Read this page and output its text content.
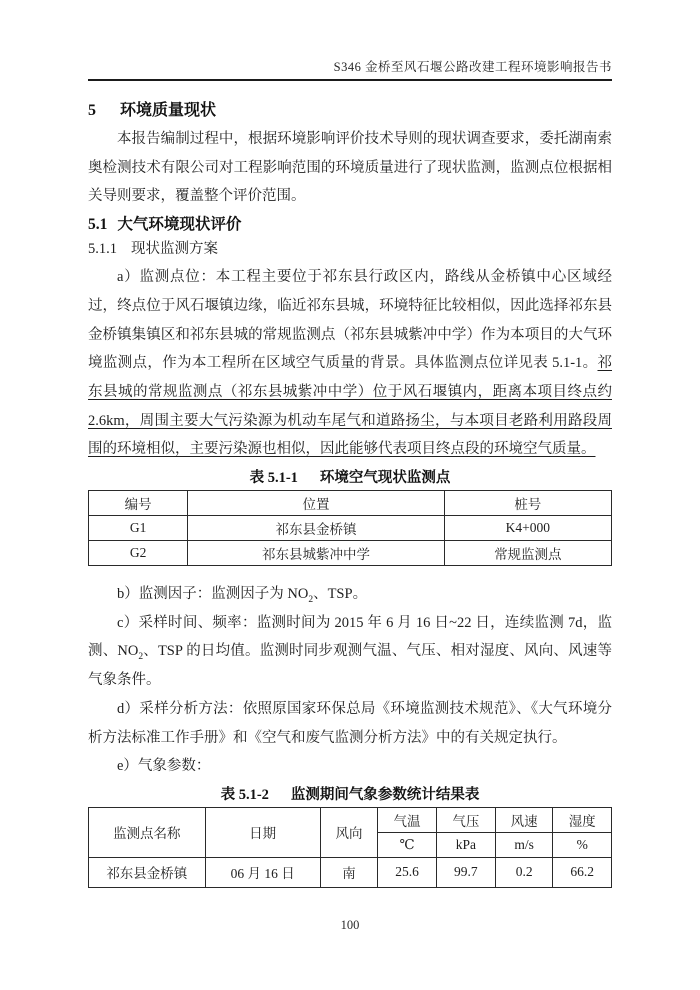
S346 金桥至风石堰公路改建工程环境影响报告书
5 环境质量现状

本报告编制过程中，根据环境影响评价技术导则的现状调查要求，委托湖南索奥检测技术有限公司对工程影响范围的环境质量进行了现状监测，监测点位根据相关导则要求，覆盖整个评价范围。

5.1 大气环境现状评价
5.1.1 现状监测方案

a）监测点位：本工程主要位于祁东县行政区内，路线从金桥镇中心区域经过，终点位于风石堰镇边缘，临近祁东县城，环境特征比较相似，因此选择祁东县金桥镇集镇区和祁东县城的常规监测点（祁东县城紫冲中学）作为本项目的大气环境监测点，作为本工程所在区域空气质量的背景。具体监测点位详见表 5.1-1。祁东县城的常规监测点（祁东县城紫冲中学）位于风石堰镇内，距离本项目终点约 2.6km，周围主要大气污染源为机动车尾气和道路扬尘，与本项目老路利用路段周围的环境相似，主要污染源也相似，因此能够代表项目终点段的环境空气质量。

表 5.1-1 环境空气现状监测点
编号	位置	桩号
G1	祁东县金桥镇	K4+000
G2	祁东县城紫冲中学	常规监测点

b）监测因子：监测因子为 $NO_2$、TSP。

c）采样时间、频率：监测时间为 2015 年 6 月 16 日~22 日，连续监测 7d，监测、$NO_2$、TSP 的日均值。监测时同步观测气温、气压、相对湿度、风向、风速等气象条件。

d）采样分析方法：依照原国家环保总局《环境监测技术规范》、《大气环境分析方法标准工作手册》和《空气和废气监测分析方法》中的有关规定执行。

e）气象参数：

表 5.1-2 监测期间气象参数统计结果表
监测点名称	日期	风向	气温	气压	风速	湿度
			℃	kPa	m/s	%
祁东县金桥镇	06 月 16 日	南	25.6	99.7	0.2	66.2
100
